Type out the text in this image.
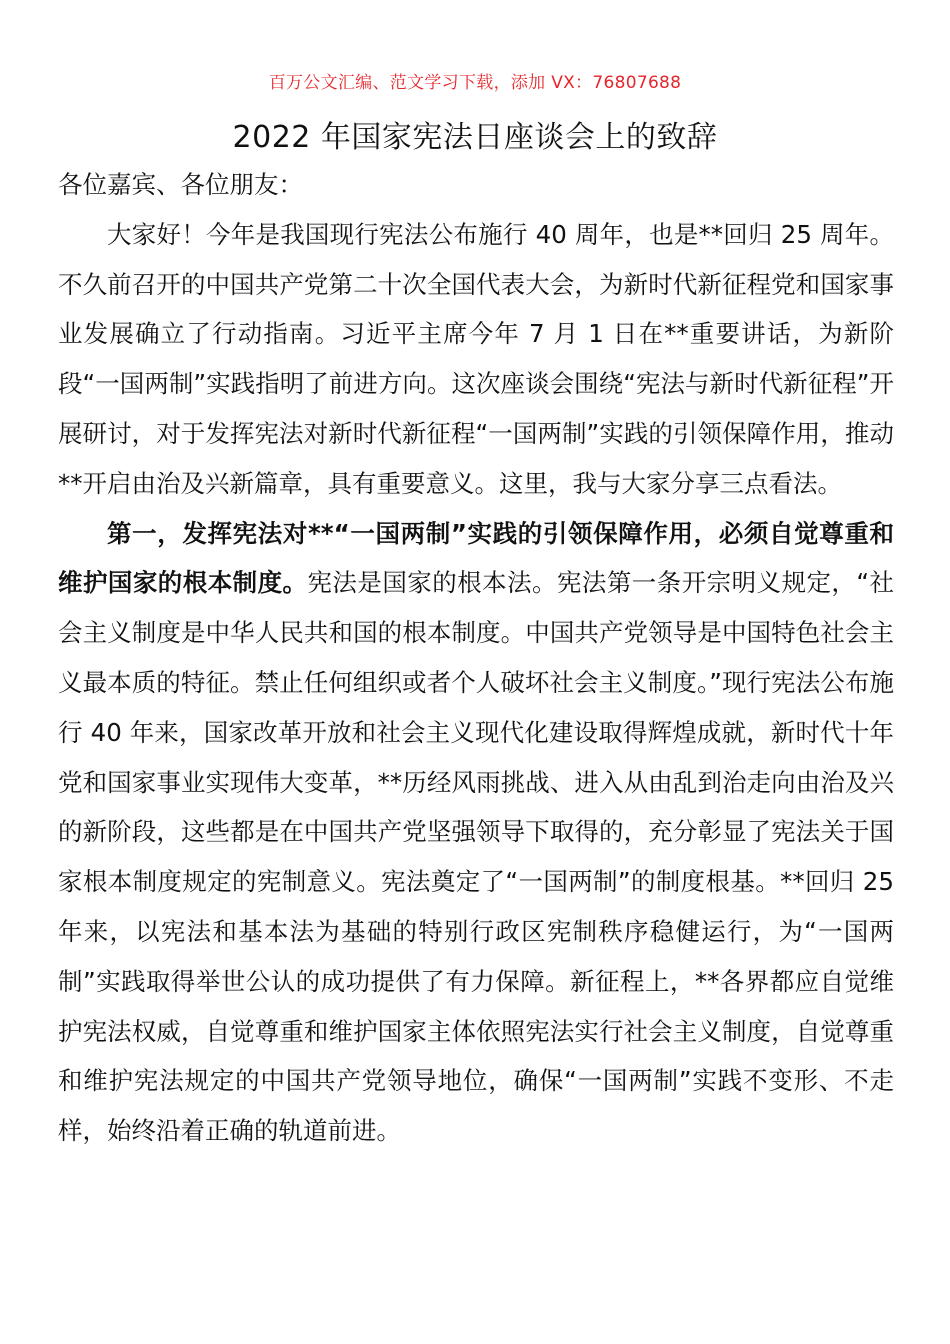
百万公文汇编、范文学习下载，添加 VX：76807688
2022 年国家宪法日座谈会上的致辞

各位嘉宾、各位朋友：

大家好！今年是我国现行宪法公布施行 40 周年，也是**回归 25 周年。不久前召开的中国共产党第二十次全国代表大会，为新时代新征程党和国家事业发展确立了行动指南。习近平主席今年 7 月 1 日在**重要讲话，为新阶段“一国两制”实践指明了前进方向。这次座谈会围绕“宪法与新时代新征程”开展研讨，对于发挥宪法对新时代新征程“一国两制”实践的引领保障作用，推动**开启由治及兴新篇章，具有重要意义。这里，我与大家分享三点看法。

第一，发挥宪法对**“一国两制”实践的引领保障作用，必须自觉尊重和维护国家的根本制度。宪法是国家的根本法。宪法第一条开宗明义规定，“社会主义制度是中华人民共和国的根本制度。中国共产党领导是中国特色社会主义最本质的特征。禁止任何组织或者个人破坏社会主义制度。”现行宪法公布施行 40 年来，国家改革开放和社会主义现代化建设取得辉煌成就，新时代十年党和国家事业实现伟大变革，**历经风雨挑战、进入从由乱到治走向由治及兴的新阶段，这些都是在中国共产党坚强领导下取得的，充分彰显了宪法关于国家根本制度规定的宪制意义。宪法奠定了“一国两制”的制度根基。**回归 25 年来，以宪法和基本法为基础的特别行政区宪制秩序稳健运行，为“一国两制”实践取得举世公认的成功提供了有力保障。新征程上，**各界都应自觉维护宪法权威，自觉尊重和维护国家主体依照宪法实行社会主义制度，自觉尊重和维护宪法规定的中国共产党领导地位，确保“一国两制”实践不变形、不走样，始终沿着正确的轨道前进。
